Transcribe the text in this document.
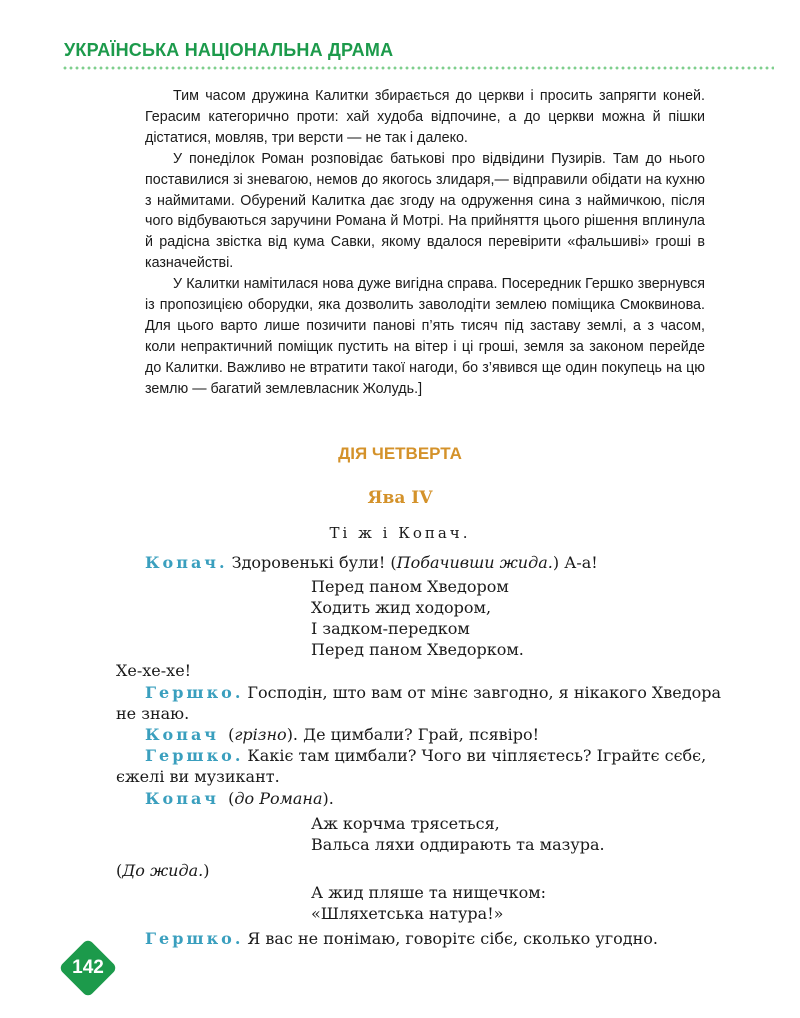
УКРАЇНСЬКА НАЦІОНАЛЬНА ДРАМА

Тим часом дружина Калитки збирається до церкви і просить запрягти коней. Герасим категорично проти: хай худоба відпочине, а до церкви можна й пішки дістатися, мовляв, три версти — не так і далеко.

У понеділок Роман розповідає батькові про відвідини Пузирів. Там до нього поставилися зі зневагою, немов до якогось злидаря,— відправили обідати на кухню з наймитами. Обурений Калитка дає згоду на одруження сина з наймичкою, після чого відбуваються заручини Романа й Мотрі. На прийняття цього рішення вплинула й радісна звістка від кума Савки, якому вдалося перевірити «фальшиві» гроші в казначействі.

У Калитки намітилася нова дуже вигідна справа. Посередник Гершко звернувся із пропозицією оборудки, яка дозволить заволодіти землею поміщика Смоквинова. Для цього варто лише позичити панові п’ять тисяч під заставу землі, а з часом, коли непрактичний поміщик пустить на вітер і ці гроші, земля за законом перейде до Калитки. Важливо не втратити такої нагоди, бо з’явився ще один покупець на цю землю — багатий землевласник Жолудь.]

ДІЯ ЧЕТВЕРТА
Ява IV
Ті ж і Копач.
Копач. Здоровенькі були! (Побачивши жида.) А-а!
Перед паном Хведором
Ходить жид ходором,
І задком-передком
Перед паном Хведорком.
Хе-хе-хе!
Гершко. Господін, што вам от мінє завгодно, я нікакого Хведора
не знаю.
Копач (грізно). Де цимбали? Грай, псявіро!
Гершко. Какіє там цимбали? Чого ви чіпляєтесь? Іграйтє сєбє,
єжелі ви музикант.
Копач (до Романа).
Аж корчма трясеться,
Вальса ляхи оддирають та мазура.
(До жида.)
А жид пляше та нищечком:
«Шляхетська натура!»
Гершко. Я вас не понімаю, говорітє сібє, сколько угодно.
142
